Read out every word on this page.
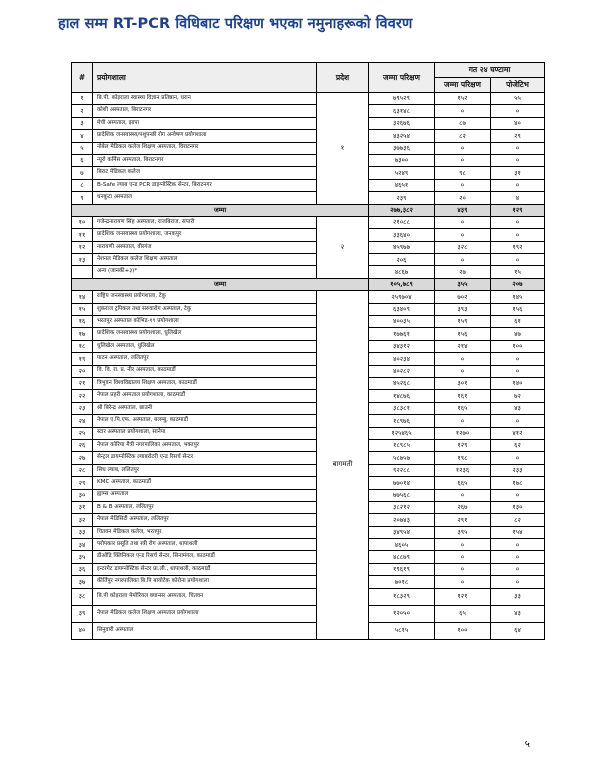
हाल सम्म RT-PCR विधिबाट परिक्षण भएका नमुनाहरूको विवरण
#	प्रयोगशाला	प्रदेश	जम्मा परिक्षण	गत २४ घण्टामा	
				जम्मा परिक्षण	पोजेटिभ
१	बि.पी. कोइराला स्वास्थ्य विज्ञान प्रतिष्ठान, धरान	१	७९५२९	१५२	५५
२	कोशी अस्पताल, बिराटनगर		६३१४८	०	०
३	मेची अस्पताल, झापा		३२६७६	८७	४०
४	प्रादेशिक जनस्वास्थ्य/पशुपन्छी रोग अन्वेषण प्रयोगशाला		४३२५४	८२	२९
५	नोबेल मेडिकल कलेज शिक्षण अस्पताल, विराटनगर		३७७३६	०	०
६	न्यूरो कर्मिस अस्पताल, बिराटनगर		७३००	०	०
७	बिराट मेडिकल कलेज		५२४९	९८	३१
८	B-Safe ल्याब एन्ड PCR डाइग्नोस्टिक सेन्टर, बिराटनगर		४६५१	०	०
९	धनकुटा अस्पताल		२३९	२०	४
जम्मा			२७७,३८२	४३९	१२९
१०	गजेन्द्रनारायण सिंह अस्पताल, राजबिराज, सप्तरी	२	२१०८८	०	०
११	प्रादेशिक जनस्वास्थ्य प्रयोगशाला, जनकपुर		३३६४०	०	०
१२	नारायणी अस्पताल, वीरगंज		४५९७७	३२८	१९२
१३	नेशनल मेडिकल कलेज शिक्षण अस्पताल		२०६	०	०
	अन्य (जानकी+३)*		४८६७	२७	१५
जम्मा			१०५,७८९	३५५	२०७
१४	राष्ट्रिय जनस्वास्थ्य प्रयोगशाला, टेकु	बागमती	२५९७०४	७०२	१४५
१५	शुकराज ट्रपिकल तथा सरुवारोग अस्पताल, टेकु		६३४०९	३९३	१५६
१६	भरतपुर अस्पताल कोभिड-१९ प्रयोगशाला		४००३५	१५९	६१
१७	प्रादेशिक जनस्वास्थ्य प्रयोगशाला, धुलिखेल		१७७६१	१५६	४७
१८	धुलिखेल अस्पताल, धुलिखेल		३४३१२	२१४	१००
१९	पाटन अस्पताल, ललितपुर		४०२३४	०	०
२०	वि. वि. रा. प्र. नीर अस्पताल, काठमाडौं		४०२८२	०	०
२१	त्रिभुवन विश्वविद्यालय शिक्षण अस्पताल, काठमाडौं		४५२६८	३०१	१४०
२२	नेपाल प्रहरी अस्पताल प्रयोगशाला, काठमाडौं		१४८७६	१६१	७२
२३	श्री बिरेन्द्र अस्पताल, छाउनी		३८३८१	१६५	४३
२४	नेपाल ए.पि.एफ. अस्पताल, बलम्बु, काठमाडौं		१८९७६	०	०
२५	स्टार अस्पताल प्रयोगशाला, सानेपा		१२५४६५	१२७०	४१२
२६	नेपाल कोरिया मैत्री नगरपालिका अस्पताल, भक्तपुर		१८९८५	१२९	६२
२७	सेन्ट्रल डायग्नोस्टिक ल्याबरोटरी एन्ड रिसर्च सेन्टर		५८७५७	१९८	०
२८	सिध ल्याब, ललितपुर		९२२८८	१२३६	२३३
२९	KMC अस्पताल, काठमाडौं		७७०१४	६६५	१७८
३०	ह्याम्स अस्पताल		७७५६८	०	०
३१	B & B अस्पताल, ललितपुर		३८२१२	२६७	१३०
३२	नेपाल मेडिसिटी अस्पताल, ललितपुर		२०७४३	२९१	८२
३३	चितवन मेडिकल कलेज, भरतपुर		३४९५४	३९५	१५४
३४	परोपकार प्रसूति तथा स्त्री रोग अस्पताल, थापाथली		४६०५	०	०
३५	डीओडि क्लिनिकल एन्ड रिसर्च सेन्टर, सिनामंगल, काठमाडौं		४८८७९	०	०
३६	इन्टरगेट डायग्नोस्टिक सेन्टर प्रा.ली., थापाथली, काठमाडौं		१९६१९	०	०
३७	कीर्तिपुर नगरपालिका बि.पि बायोटेक कोरोना प्रयोगशाला		७०१८	०	०
३८	बि.पी कोइराला मेमोरियल क्यान्सर अस्पताल, चितवन		१८३२९	१२१	३३
३९	नेपाल मेडिकल कलेज शिक्षण अस्पताल प्रयोगशाला		१२०५०	६५	४३
४०	सिनुवारी अस्पताल		५८१५	१००	६४
५
